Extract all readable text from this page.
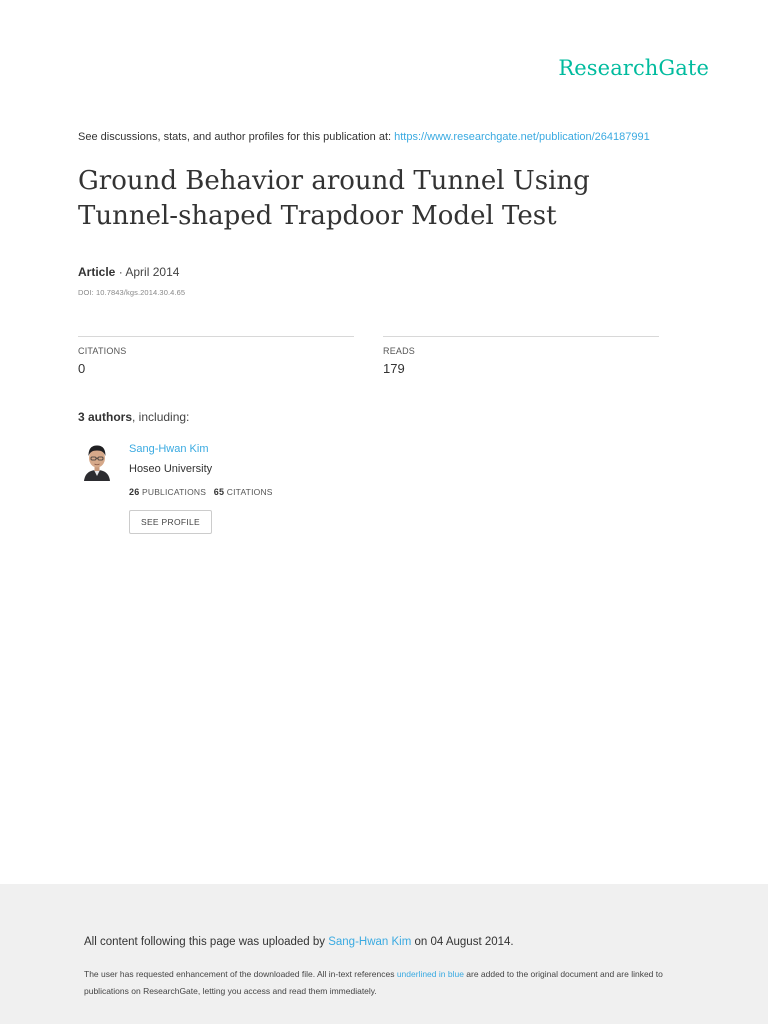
ResearchGate
See discussions, stats, and author profiles for this publication at: https://www.researchgate.net/publication/264187991
Ground Behavior around Tunnel Using Tunnel-shaped Trapdoor Model Test
Article · April 2014
DOI: 10.7843/kgs.2014.30.4.65
CITATIONS
0
READS
179
3 authors, including:
Sang-Hwan Kim
Hoseo University
26 PUBLICATIONS 65 CITATIONS
SEE PROFILE
All content following this page was uploaded by Sang-Hwan Kim on 04 August 2014.
The user has requested enhancement of the downloaded file. All in-text references underlined in blue are added to the original document and are linked to publications on ResearchGate, letting you access and read them immediately.
